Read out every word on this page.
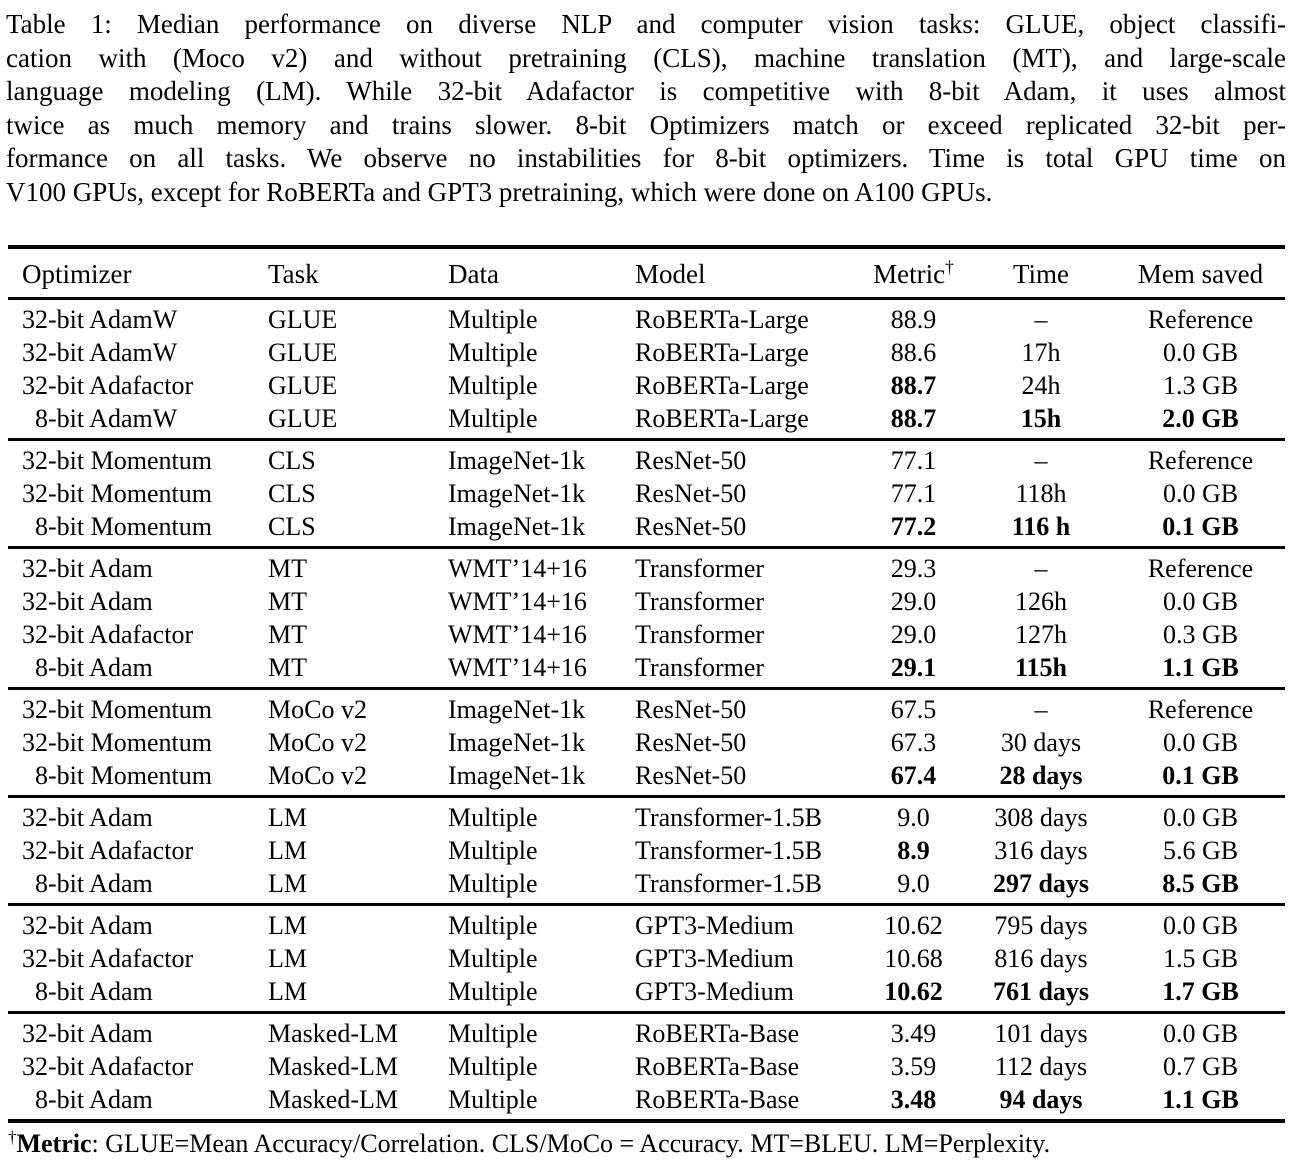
Table 1: Median performance on diverse NLP and computer vision tasks: GLUE, object classifi-
cation with (Moco v2) and without pretraining (CLS), machine translation (MT), and large-scale
language modeling (LM). While 32-bit Adafactor is competitive with 8-bit Adam, it uses almost
twice as much memory and trains slower. 8-bit Optimizers match or exceed replicated 32-bit per-
formance on all tasks. We observe no instabilities for 8-bit optimizers. Time is total GPU time on
V100 GPUs, except for RoBERTa and GPT3 pretraining, which were done on A100 GPUs.
Optimizer	Task	Data	Model	Metric†	Time	Mem saved
32-bit AdamW	GLUE	Multiple	RoBERTa-Large	88.9	–	Reference
32-bit AdamW	GLUE	Multiple	RoBERTa-Large	88.6	17h	0.0 GB
32-bit Adafactor	GLUE	Multiple	RoBERTa-Large	88.7	24h	1.3 GB
8-bit AdamW	GLUE	Multiple	RoBERTa-Large	88.7	15h	2.0 GB
32-bit Momentum	CLS	ImageNet-1k	ResNet-50	77.1	–	Reference
32-bit Momentum	CLS	ImageNet-1k	ResNet-50	77.1	118h	0.0 GB
8-bit Momentum	CLS	ImageNet-1k	ResNet-50	77.2	116 h	0.1 GB
32-bit Adam	MT	WMT’14+16	Transformer	29.3	–	Reference
32-bit Adam	MT	WMT’14+16	Transformer	29.0	126h	0.0 GB
32-bit Adafactor	MT	WMT’14+16	Transformer	29.0	127h	0.3 GB
8-bit Adam	MT	WMT’14+16	Transformer	29.1	115h	1.1 GB
32-bit Momentum	MoCo v2	ImageNet-1k	ResNet-50	67.5	–	Reference
32-bit Momentum	MoCo v2	ImageNet-1k	ResNet-50	67.3	30 days	0.0 GB
8-bit Momentum	MoCo v2	ImageNet-1k	ResNet-50	67.4	28 days	0.1 GB
32-bit Adam	LM	Multiple	Transformer-1.5B	9.0	308 days	0.0 GB
32-bit Adafactor	LM	Multiple	Transformer-1.5B	8.9	316 days	5.6 GB
8-bit Adam	LM	Multiple	Transformer-1.5B	9.0	297 days	8.5 GB
32-bit Adam	LM	Multiple	GPT3-Medium	10.62	795 days	0.0 GB
32-bit Adafactor	LM	Multiple	GPT3-Medium	10.68	816 days	1.5 GB
8-bit Adam	LM	Multiple	GPT3-Medium	10.62	761 days	1.7 GB
32-bit Adam	Masked-LM	Multiple	RoBERTa-Base	3.49	101 days	0.0 GB
32-bit Adafactor	Masked-LM	Multiple	RoBERTa-Base	3.59	112 days	0.7 GB
8-bit Adam	Masked-LM	Multiple	RoBERTa-Base	3.48	94 days	1.1 GB
†Metric: GLUE=Mean Accuracy/Correlation. CLS/MoCo = Accuracy. MT=BLEU. LM=Perplexity.
